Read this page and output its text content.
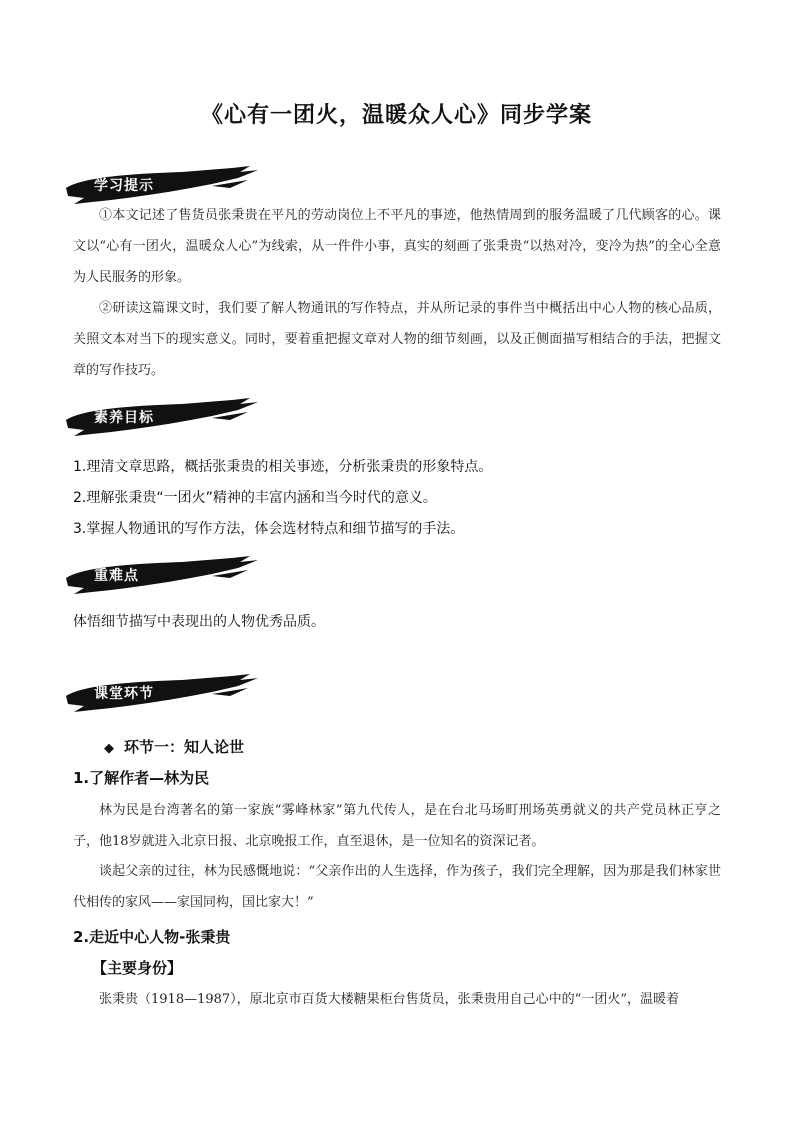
《心有一团火，温暖众人心》同步学案
学习提示

①本文记述了售货员张秉贵在平凡的劳动岗位上不平凡的事迹，他热情周到的服务温暖了几代顾客的心。课文以“心有一团火，温暖众人心”为线索，从一件件小事，真实的刻画了张秉贵“以热对冷，变冷为热”的全心全意为人民服务的形象。

②研读这篇课文时，我们要了解人物通讯的写作特点，并从所记录的事件当中概括出中心人物的核心品质，关照文本对当下的现实意义。同时，要着重把握文章对人物的细节刻画，以及正侧面描写相结合的手法，把握文章的写作技巧。

素养目标

1.理清文章思路，概括张秉贵的相关事迹，分析张秉贵的形象特点。

2.理解张秉贵“一团火”精神的丰富内涵和当今时代的意义。

3.掌握人物通讯的写作方法，体会选材特点和细节描写的手法。

重难点

体悟细节描写中表现出的人物优秀品质。

课堂环节
◆ 环节一：知人论世
1.了解作者—林为民

林为民是台湾著名的第一家族“雾峰林家”第九代传人，是在台北马场町刑场英勇就义的共产党员林正亨之子，他18岁就进入北京日报、北京晚报工作，直至退休，是一位知名的资深记者。

谈起父亲的过往，林为民感慨地说：“父亲作出的人生选择，作为孩子，我们完全理解，因为那是我们林家世代相传的家风——家国同构，国比家大！”

2.走近中心人物-张秉贵
【主要身份】

张秉贵（1918—1987），原北京市百货大楼糖果柜台售货员，张秉贵用自己心中的“一团火”，温暖着
